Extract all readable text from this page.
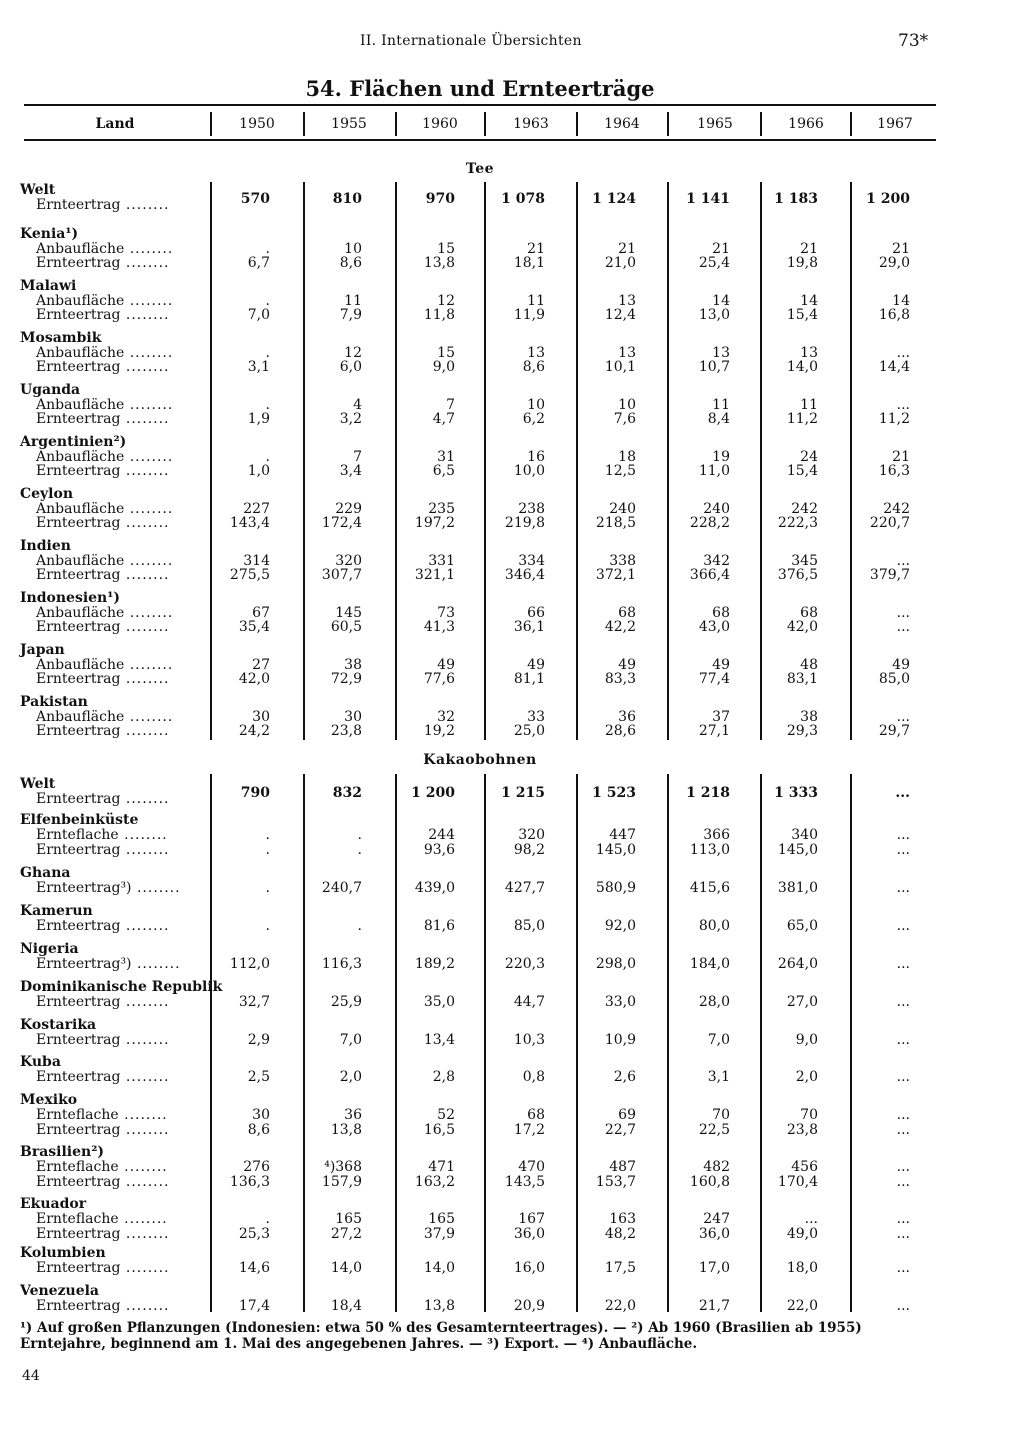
II. Internationale Übersichten	73*
54. Flächen und Ernteerträge
Land	1950	1955	1960	1963	1964	1965	1966	1967
Tee
Welt
Ernteertrag ........	570	810	970	1 078	1 124	1 141	1 183	1 200
Kenia¹)
Anbaufläche ........	.	10	15	21	21	21	21	21
Ernteertrag ........	6,7	8,6	13,8	18,1	21,0	25,4	19,8	29,0
Malawi
Anbaufläche ........	.	11	12	11	13	14	14	14
Ernteertrag ........	7,0	7,9	11,8	11,9	12,4	13,0	15,4	16,8
Mosambik
Anbaufläche ........	.	12	15	13	13	13	13	...
Ernteertrag ........	3,1	6,0	9,0	8,6	10,1	10,7	14,0	14,4
Uganda
Anbaufläche ........	.	4	7	10	10	11	11	...
Ernteertrag ........	1,9	3,2	4,7	6,2	7,6	8,4	11,2	11,2
Argentinien²)
Anbaufläche ........	.	7	31	16	18	19	24	21
Ernteertrag ........	1,0	3,4	6,5	10,0	12,5	11,0	15,4	16,3
Ceylon
Anbaufläche ........	227	229	235	238	240	240	242	242
Ernteertrag ........	143,4	172,4	197,2	219,8	218,5	228,2	222,3	220,7
Indien
Anbaufläche ........	314	320	331	334	338	342	345	...
Ernteertrag ........	275,5	307,7	321,1	346,4	372,1	366,4	376,5	379,7
Indonesien¹)
Anbaufläche ........	67	145	73	66	68	68	68	...
Ernteertrag ........	35,4	60,5	41,3	36,1	42,2	43,0	42,0	...
Japan
Anbaufläche ........	27	38	49	49	49	49	48	49
Ernteertrag ........	42,0	72,9	77,6	81,1	83,3	77,4	83,1	85,0
Pakistan
Anbaufläche ........	30	30	32	33	36	37	38	...
Ernteertrag ........	24,2	23,8	19,2	25,0	28,6	27,1	29,3	29,7
Kakaobohnen
Welt
Ernteertrag ........	790	832	1 200	1 215	1 523	1 218	1 333	...
Elfenbeinküste
Ernteflache ........	.	.	244	320	447	366	340	...
Ernteertrag ........	.	.	93,6	98,2	145,0	113,0	145,0	...
Ghana
Ernteertrag³) ........	.	240,7	439,0	427,7	580,9	415,6	381,0	...
Kamerun
Ernteertrag ........	.	.	81,6	85,0	92,0	80,0	65,0	...
Nigeria
Ernteertrag³) ........	112,0	116,3	189,2	220,3	298,0	184,0	264,0	...
Dominikanische Republik
Ernteertrag ........	32,7	25,9	35,0	44,7	33,0	28,0	27,0	...
Kostarika
Ernteertrag ........	2,9	7,0	13,4	10,3	10,9	7,0	9,0	...
Kuba
Ernteertrag ........	2,5	2,0	2,8	0,8	2,6	3,1	2,0	...
Mexiko
Ernteflache ........	30	36	52	68	69	70	70	...
Ernteertrag ........	8,6	13,8	16,5	17,2	22,7	22,5	23,8	...
Brasilien²)
Ernteflache ........	276	⁴)368	471	470	487	482	456	...
Ernteertrag ........	136,3	157,9	163,2	143,5	153,7	160,8	170,4	...
Ekuador
Ernteflache ........	.	165	165	167	163	247	...	...
Ernteertrag ........	25,3	27,2	37,9	36,0	48,2	36,0	49,0	...
Kolumbien
Ernteertrag ........	14,6	14,0	14,0	16,0	17,5	17,0	18,0	...
Venezuela
Ernteertrag ........	17,4	18,4	13,8	20,9	22,0	21,7	22,0	...
¹) Auf großen Pflanzungen (Indonesien: etwa 50 % des Gesamternteertrages). — ²) Ab 1960 (Brasilien ab 1955) Erntejahre, beginnend am 1. Mai des angegebenen Jahres. — ³) Export. — ⁴) Anbaufläche.
44
